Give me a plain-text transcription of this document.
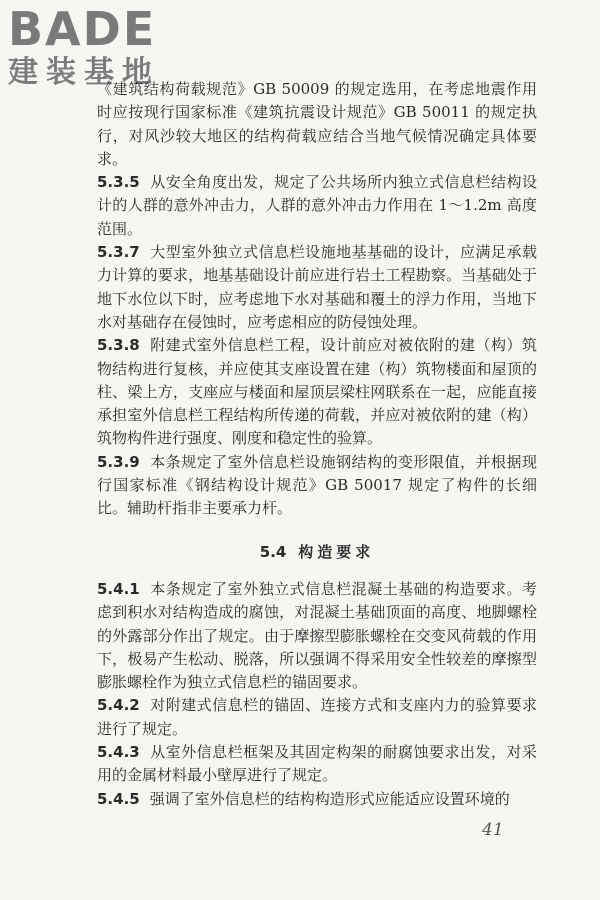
BADE
建装基地

《建筑结构荷载规范》GB 50009 的规定选用，在考虑地震作用时应按现行国家标准《建筑抗震设计规范》GB 50011 的规定执行，对风沙较大地区的结构荷载应结合当地气候情况确定具体要求。

5.3.5 从安全角度出发，规定了公共场所内独立式信息栏结构设计的人群的意外冲击力，人群的意外冲击力作用在 1～1.2m 高度范围。

5.3.7 大型室外独立式信息栏设施地基基础的设计，应满足承载力计算的要求，地基基础设计前应进行岩土工程勘察。当基础处于地下水位以下时，应考虑地下水对基础和覆土的浮力作用，当地下水对基础存在侵蚀时，应考虑相应的防侵蚀处理。

5.3.8 附建式室外信息栏工程，设计前应对被依附的建（构）筑物结构进行复核，并应使其支座设置在建（构）筑物楼面和屋顶的柱、梁上方，支座应与楼面和屋顶层梁柱网联系在一起，应能直接承担室外信息栏工程结构所传递的荷载，并应对被依附的建（构）筑物构件进行强度、刚度和稳定性的验算。

5.3.9 本条规定了室外信息栏设施钢结构的变形限值，并根据现行国家标准《钢结构设计规范》GB 50017 规定了构件的长细比。辅助杆指非主要承力杆。

5.4 构造要求

5.4.1 本条规定了室外独立式信息栏混凝土基础的构造要求。考虑到积水对结构造成的腐蚀，对混凝土基础顶面的高度、地脚螺栓的外露部分作出了规定。由于摩擦型膨胀螺栓在交变风荷载的作用下，极易产生松动、脱落，所以强调不得采用安全性较差的摩擦型膨胀螺栓作为独立式信息栏的锚固要求。

5.4.2 对附建式信息栏的锚固、连接方式和支座内力的验算要求进行了规定。

5.4.3 从室外信息栏框架及其固定构架的耐腐蚀要求出发，对采用的金属材料最小壁厚进行了规定。

5.4.5 强调了室外信息栏的结构构造形式应能适应设置环境的

41
